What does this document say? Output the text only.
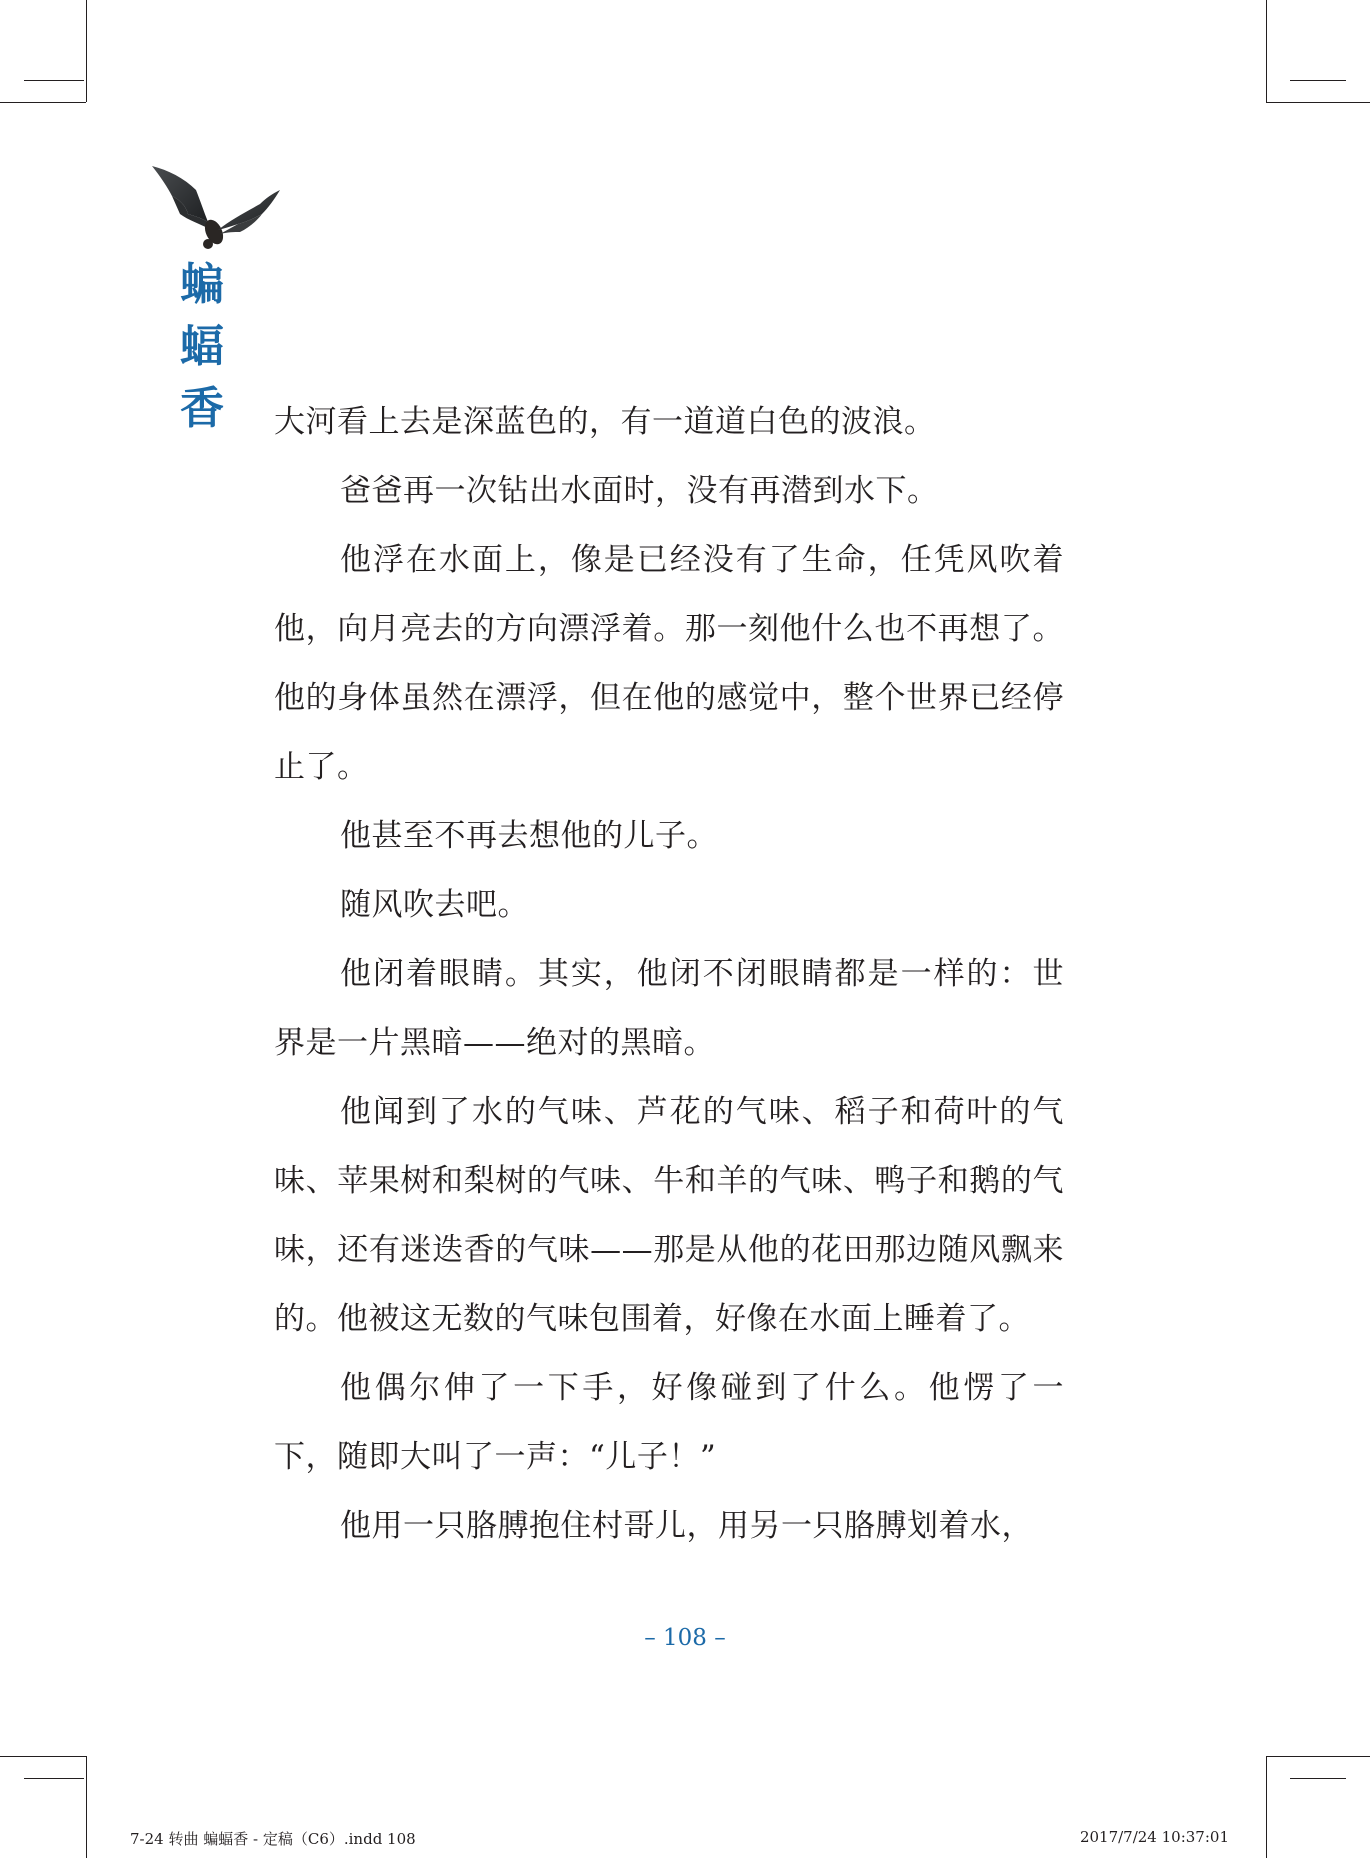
蝙
蝠
香 大河看上去是深蓝色的，有一道道白色的波浪。

爸爸再一次钻出水面时，没有再潜到水下。

他浮在水面上，像是已经没有了生命，任凭风吹着他，向月亮去的方向漂浮着。那一刻他什么也不再想了。他的身体虽然在漂浮，但在他的感觉中，整个世界已经停止了。

他甚至不再去想他的儿子。

随风吹去吧。

他闭着眼睛。其实，他闭不闭眼睛都是一样的：世界是一片黑暗——绝对的黑暗。

他闻到了水的气味、芦花的气味、稻子和荷叶的气味、苹果树和梨树的气味、牛和羊的气味、鸭子和鹅的气味，还有迷迭香的气味——那是从他的花田那边随风飘来的。他被这无数的气味包围着，好像在水面上睡着了。

他偶尔伸了一下手，好像碰到了什么。他愣了一下，随即大叫了一声：“儿子！”

他用一只胳膊抱住村哥儿，用另一只胳膊划着水，

– 108 –
7-24 转曲 蝙蝠香 - 定稿（C6）.indd 108	2017/7/24 10:37:01
